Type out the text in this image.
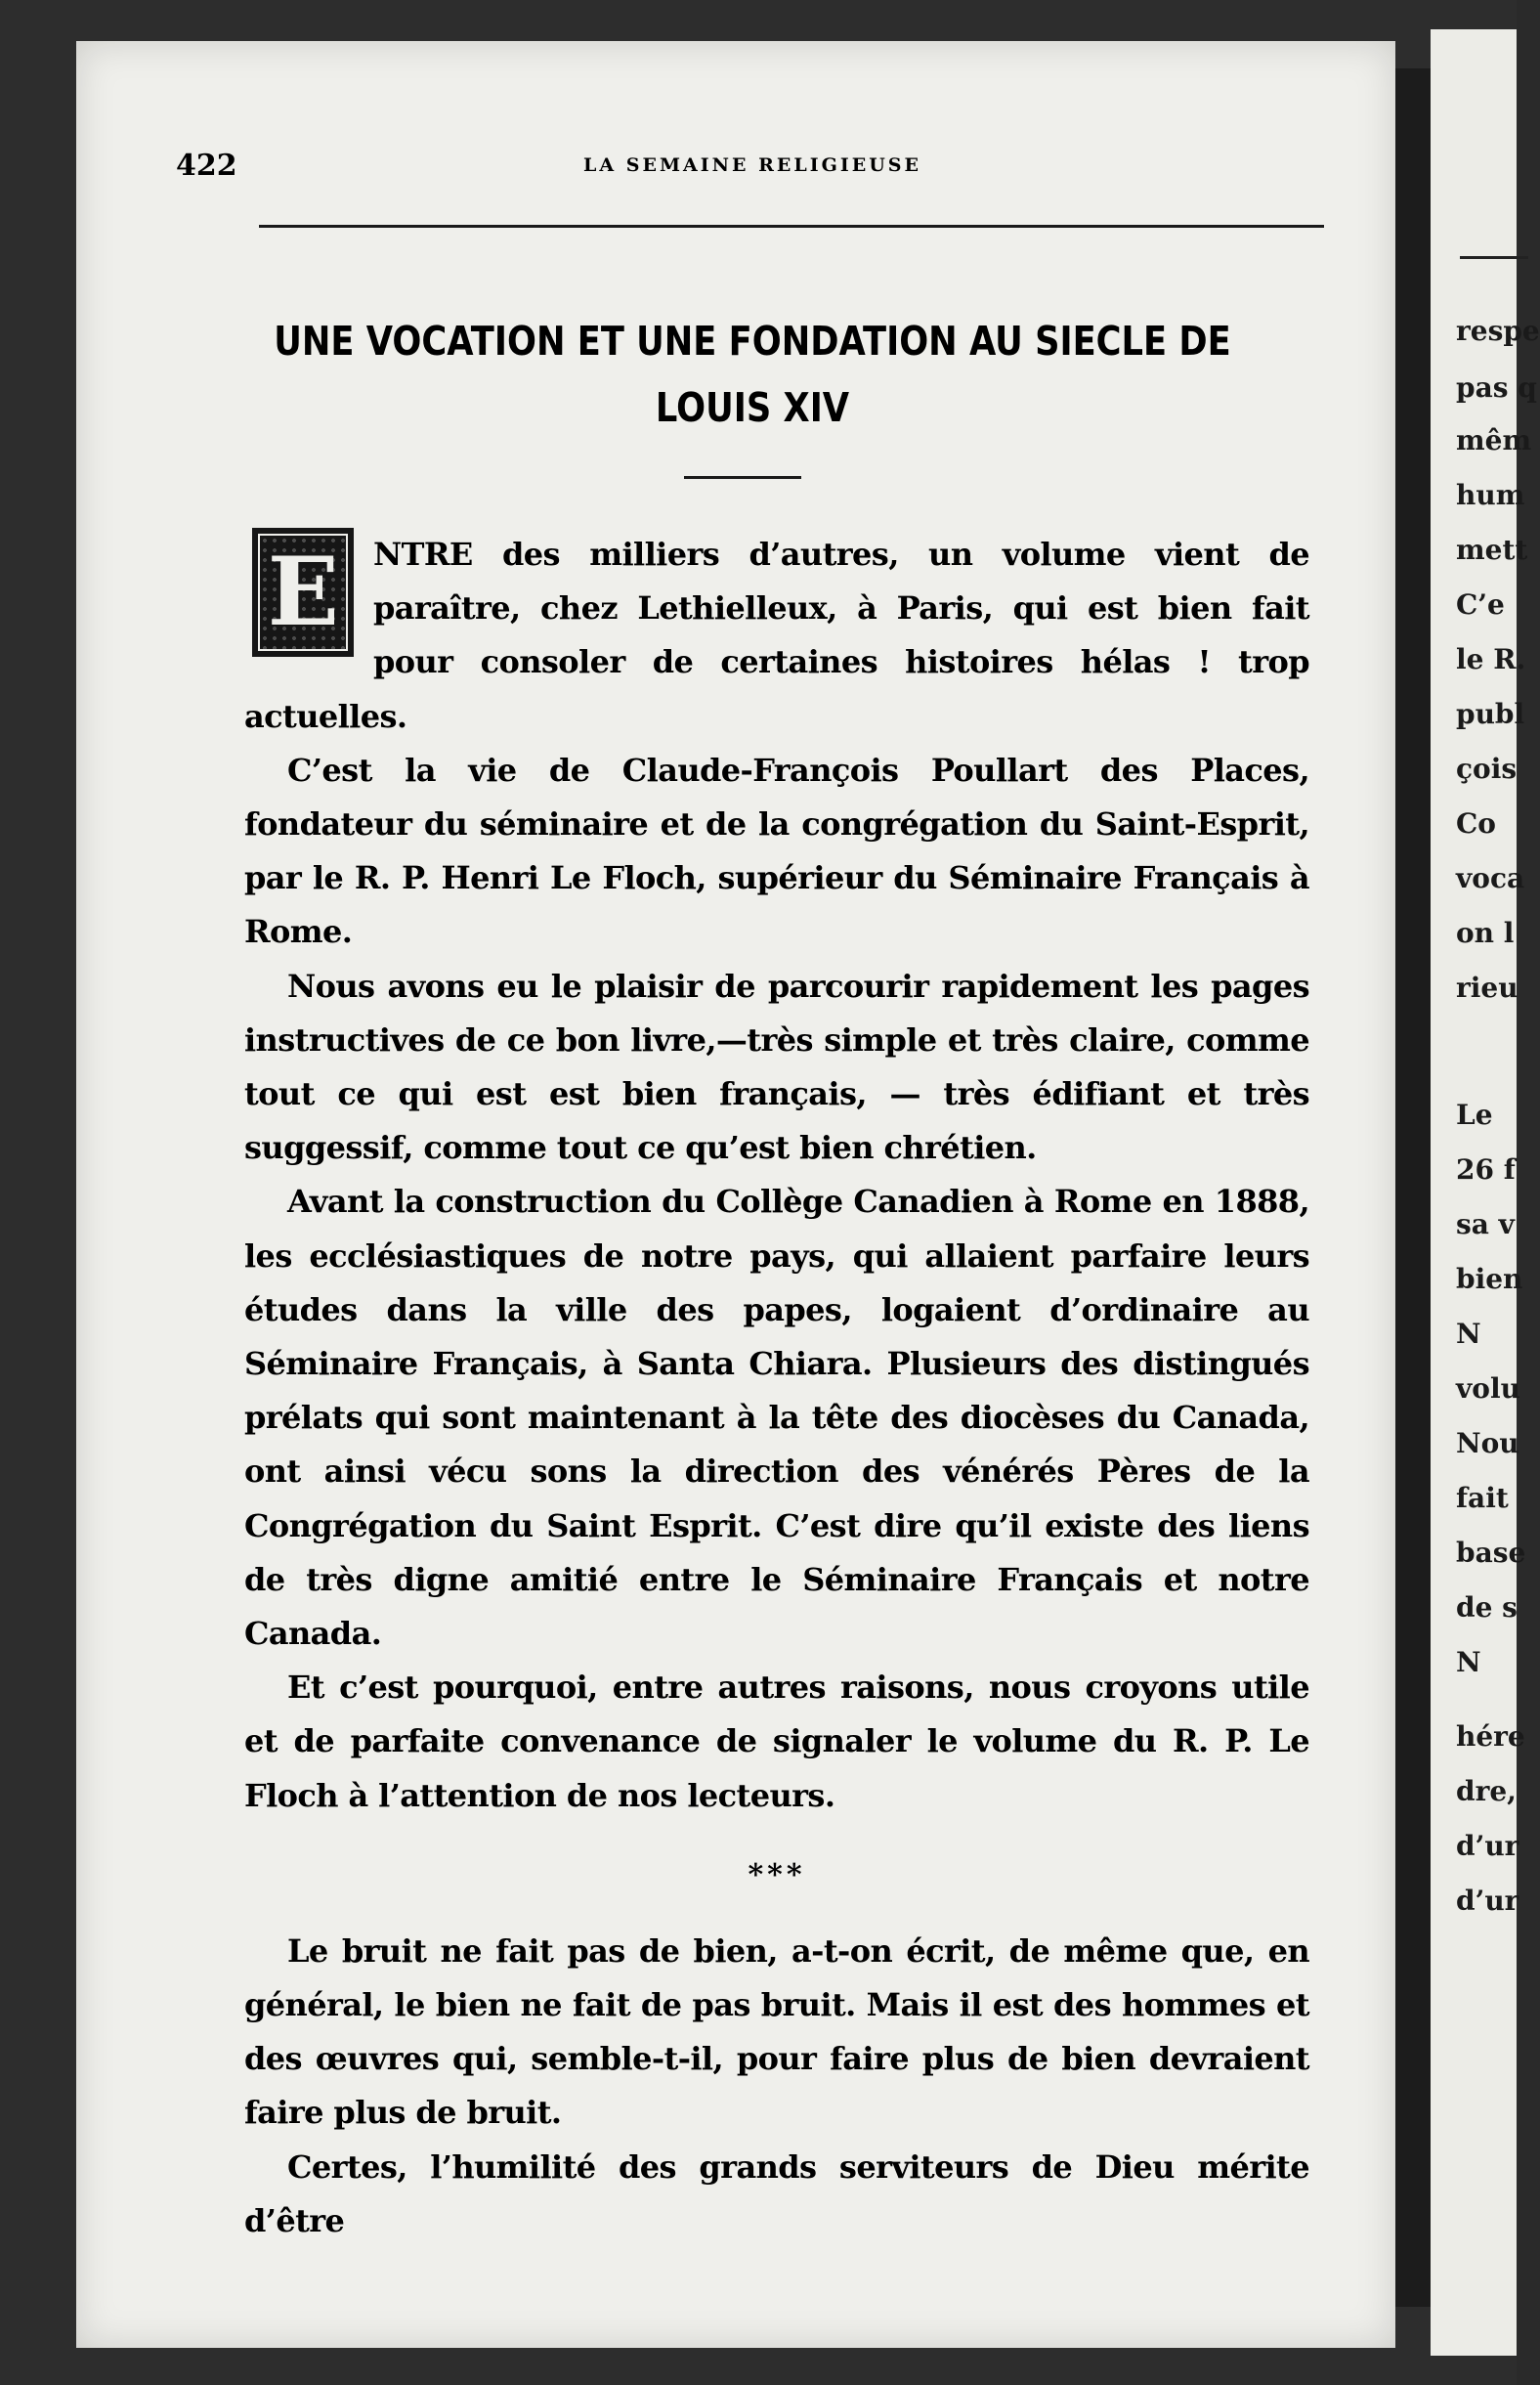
422	LA SEMAINE RELIGIEUSE
UNE VOCATION ET UNE FONDATION AU SIECLE DE LOUIS XIV

E NTRE des milliers d’autres, un volume vient de paraître, chez Lethielleux, à Paris, qui est bien fait pour consoler de certaines histoires hélas ! trop actuelles.

C’est la vie de Claude-François Poullart des Places, fondateur du séminaire et de la congrégation du Saint-Esprit, par le R. P. Henri Le Floch, supérieur du Séminaire Français à Rome.

Nous avons eu le plaisir de parcourir rapidement les pages instructives de ce bon livre,—très simple et très claire, comme tout ce qui est est bien français, — très édifiant et très suggessif, comme tout ce qu’est bien chrétien.

Avant la construction du Collège Canadien à Rome en 1888, les ecclésiastiques de notre pays, qui allaient parfaire leurs études dans la ville des papes, logaient d’ordinaire au Séminaire Français, à Santa Chiara. Plusieurs des distingués prélats qui sont maintenant à la tête des diocèses du Canada, ont ainsi vécu sons la direction des vénérés Pères de la Congrégation du Saint Esprit. C’est dire qu’il existe des liens de très digne amitié entre le Séminaire Français et notre Canada.

Et c’est pourquoi, entre autres raisons, nous croyons utile et de parfaite convenance de signaler le volume du R. P. Le Floch à l’attention de nos lecteurs.

***

Le bruit ne fait pas de bien, a-t-on écrit, de même que, en général, le bien ne fait de pas bruit. Mais il est des hommes et des œuvres qui, semble-t-il, pour faire plus de bien devraient faire plus de bruit.

Certes, l’humilité des grands serviteurs de Dieu mérite d’être

respe
pas q
mêm
hum
mett
C’e
le R.
publ
çois
Co
voca
on l
rieu
Le
26 f
sa v
bien
N
volu
Nou
fait
base
de s
N
hére
dre,
d’ur
d’ur
